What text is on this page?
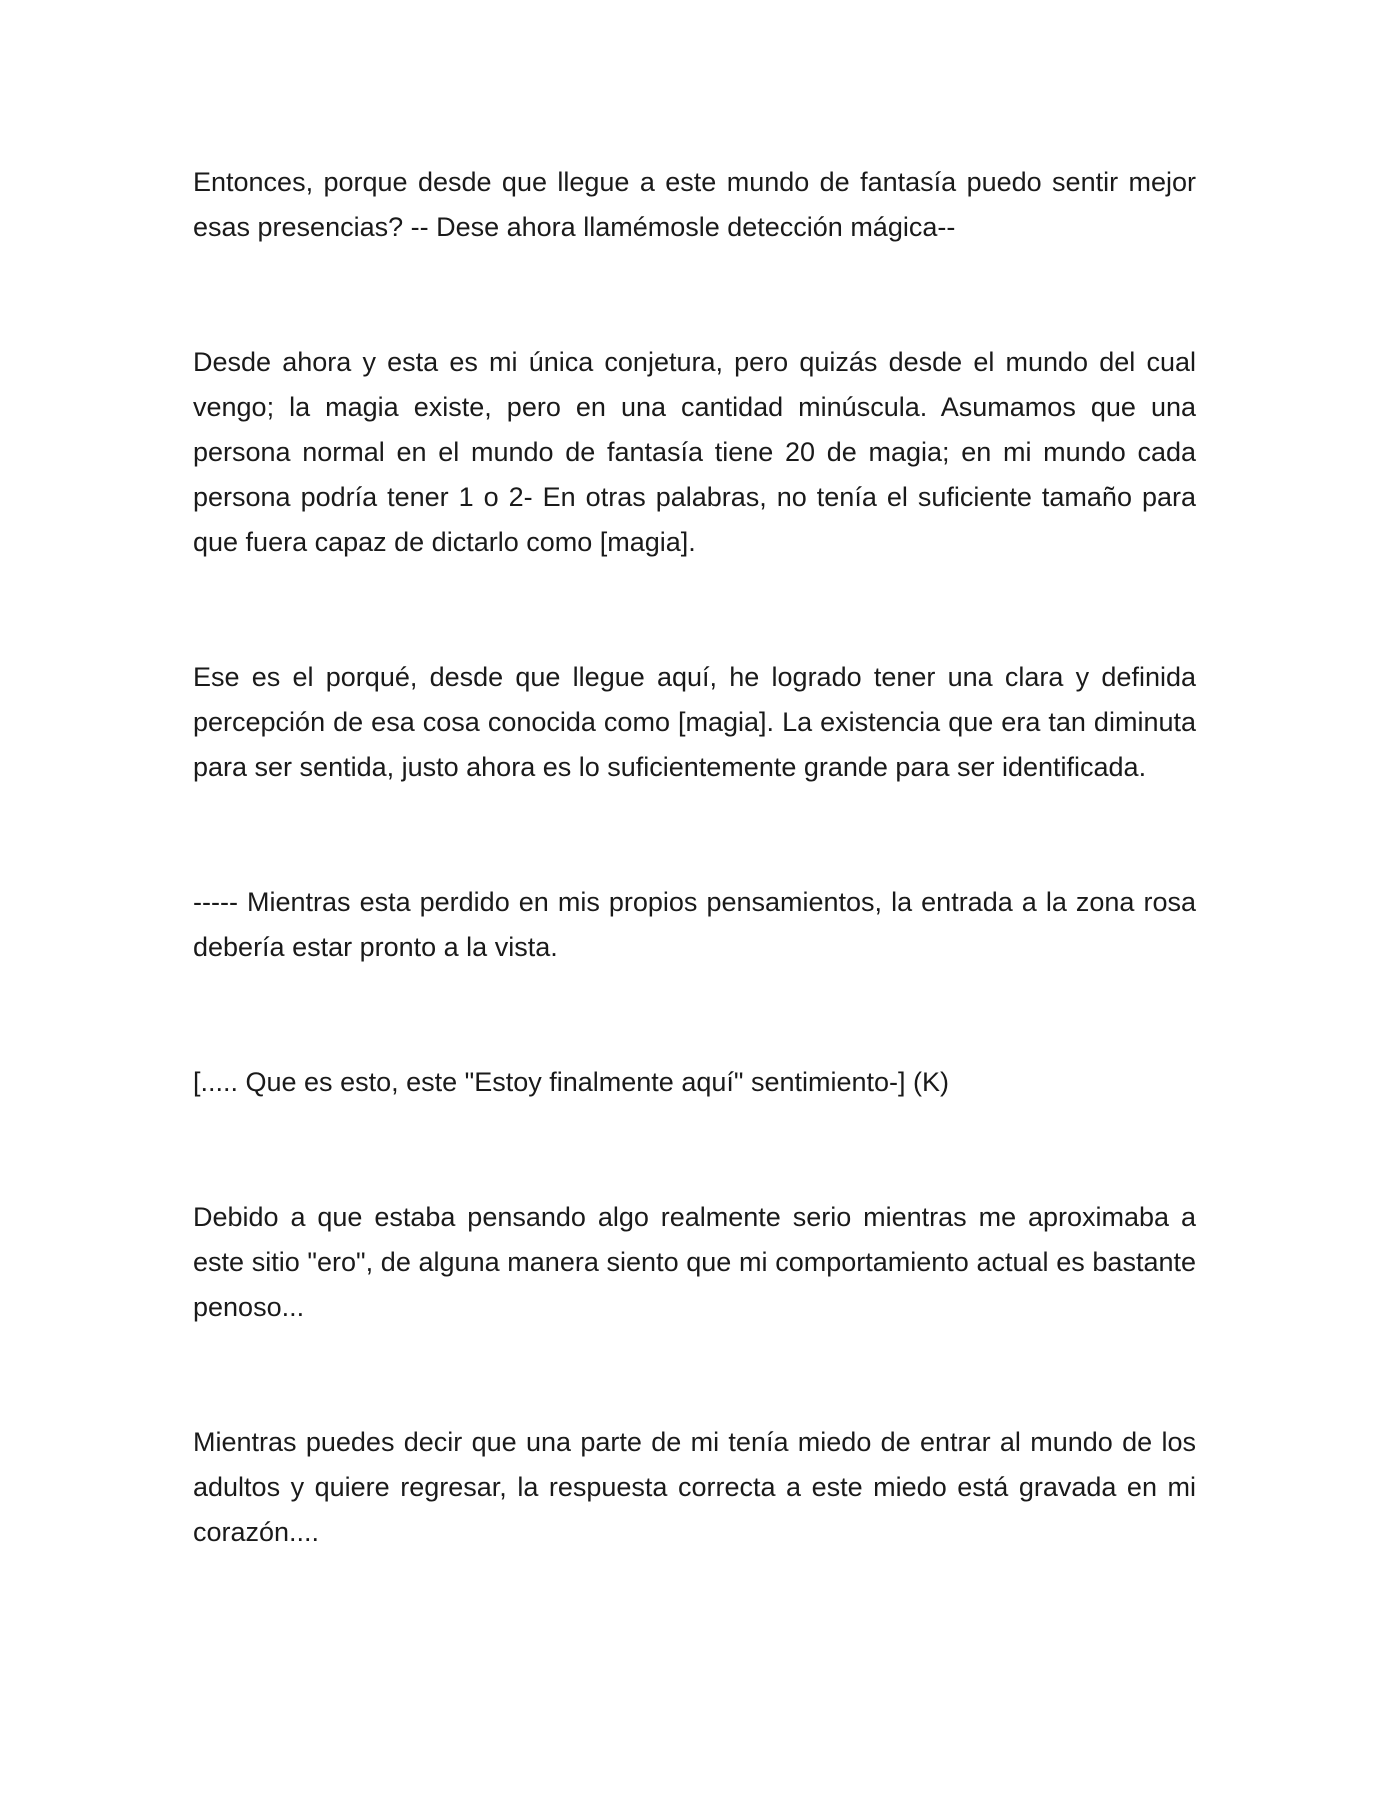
Entonces, porque desde que llegue a este mundo de fantasía puedo sentir mejor esas presencias? -- Dese ahora llamémosle detección mágica--

Desde ahora y esta es mi única conjetura, pero quizás desde el mundo del cual vengo; la magia existe, pero en una cantidad minúscula. Asumamos que una persona normal en el mundo de fantasía tiene 20 de magia; en mi mundo cada persona podría tener 1 o 2- En otras palabras, no tenía el suficiente tamaño para que fuera capaz de dictarlo como [magia].

Ese es el porqué, desde que llegue aquí, he logrado tener una clara y definida percepción de esa cosa conocida como [magia]. La existencia que era tan diminuta para ser sentida, justo ahora es lo suficientemente grande para ser identificada.

----- Mientras esta perdido en mis propios pensamientos, la entrada a la zona rosa debería estar pronto a la vista.

[..... Que es esto, este "Estoy finalmente aquí" sentimiento-] (K)

Debido a que estaba pensando algo realmente serio mientras me aproximaba a este sitio "ero", de alguna manera siento que mi comportamiento actual es bastante penoso...

Mientras puedes decir que una parte de mi tenía miedo de entrar al mundo de los adultos y quiere regresar, la respuesta correcta a este miedo está gravada en mi corazón....
